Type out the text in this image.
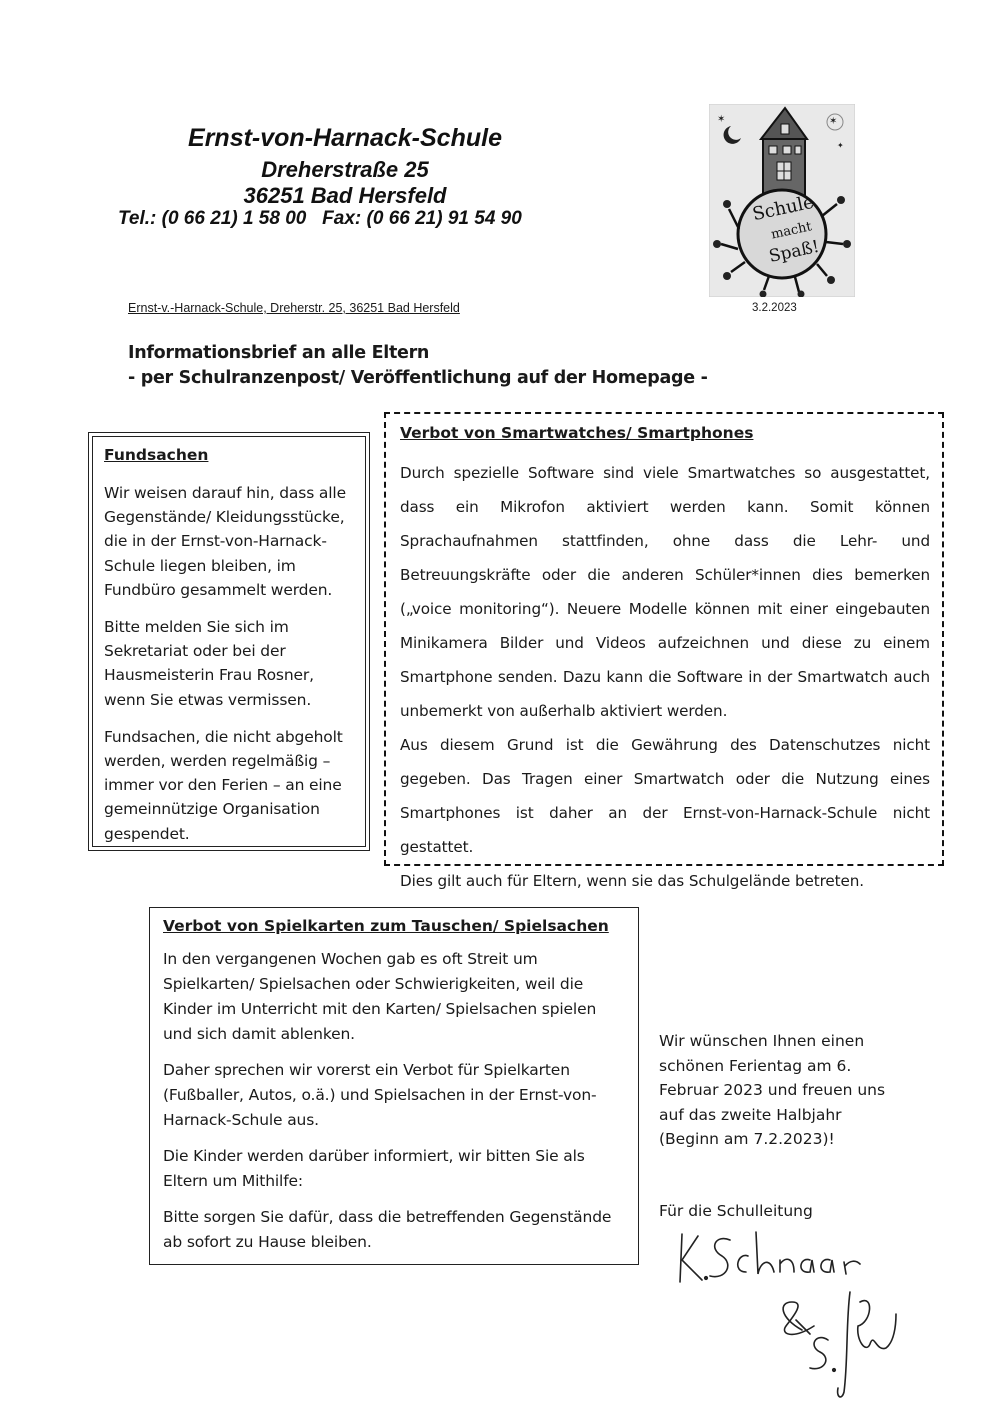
Ernst-von-Harnack-Schule
Dreherstraße 25
36251 Bad Hersfeld
Tel.: (0 66 21) 1 58 00   Fax: (0 66 21) 91 54 90
✶	✶
✦
Schule
macht
Spaß!
Ernst-v.-Harnack-Schule, Dreherstr. 25, 36251 Bad Hersfeld	3.2.2023
Informationsbrief an alle Eltern
- per Schulranzenpost/ Veröffentlichung auf der Homepage -
Fundsachen

Wir weisen darauf hin, dass alle Gegenstände/ Kleidungsstücke, die in der Ernst-von-Harnack-Schule liegen bleiben, im Fundbüro gesammelt werden.

Bitte melden Sie sich im Sekretariat oder bei der Hausmeisterin Frau Rosner, wenn Sie etwas vermissen.

Fundsachen, die nicht abgeholt werden, werden regelmäßig – immer vor den Ferien – an eine gemeinnützige Organisation gespendet.

Verbot von Smartwatches/ Smartphones

Durch spezielle Software sind viele Smartwatches so ausgestattet, dass ein Mikrofon aktiviert werden kann. Somit können Sprachaufnahmen stattfinden, ohne dass die Lehr- und Betreuungskräfte oder die anderen Schüler*innen dies bemerken („voice monitoring“). Neuere Modelle können mit einer eingebauten Minikamera Bilder und Videos aufzeichnen und diese zu einem Smartphone senden. Dazu kann die Software in der Smartwatch auch unbemerkt von außerhalb aktiviert werden.

Aus diesem Grund ist die Gewährung des Datenschutzes nicht gegeben. Das Tragen einer Smartwatch oder die Nutzung eines Smartphones ist daher an der Ernst-von-Harnack-Schule nicht gestattet.

Dies gilt auch für Eltern, wenn sie das Schulgelände betreten.

Verbot von Spielkarten zum Tauschen/ Spielsachen

In den vergangenen Wochen gab es oft Streit um Spielkarten/ Spielsachen oder Schwierigkeiten, weil die Kinder im Unterricht mit den Karten/ Spielsachen spielen und sich damit ablenken.

Daher sprechen wir vorerst ein Verbot für Spielkarten (Fußballer, Autos, o.ä.) und Spielsachen in der Ernst-von-Harnack-Schule aus.

Die Kinder werden darüber informiert, wir bitten Sie als Eltern um Mithilfe:

Bitte sorgen Sie dafür, dass die betreffenden Gegenstände ab sofort zu Hause bleiben.

Wir wünschen Ihnen einen schönen Ferientag am 6. Februar 2023 und freuen uns auf das zweite Halbjahr (Beginn am 7.2.2023)!
Für die Schulleitung
